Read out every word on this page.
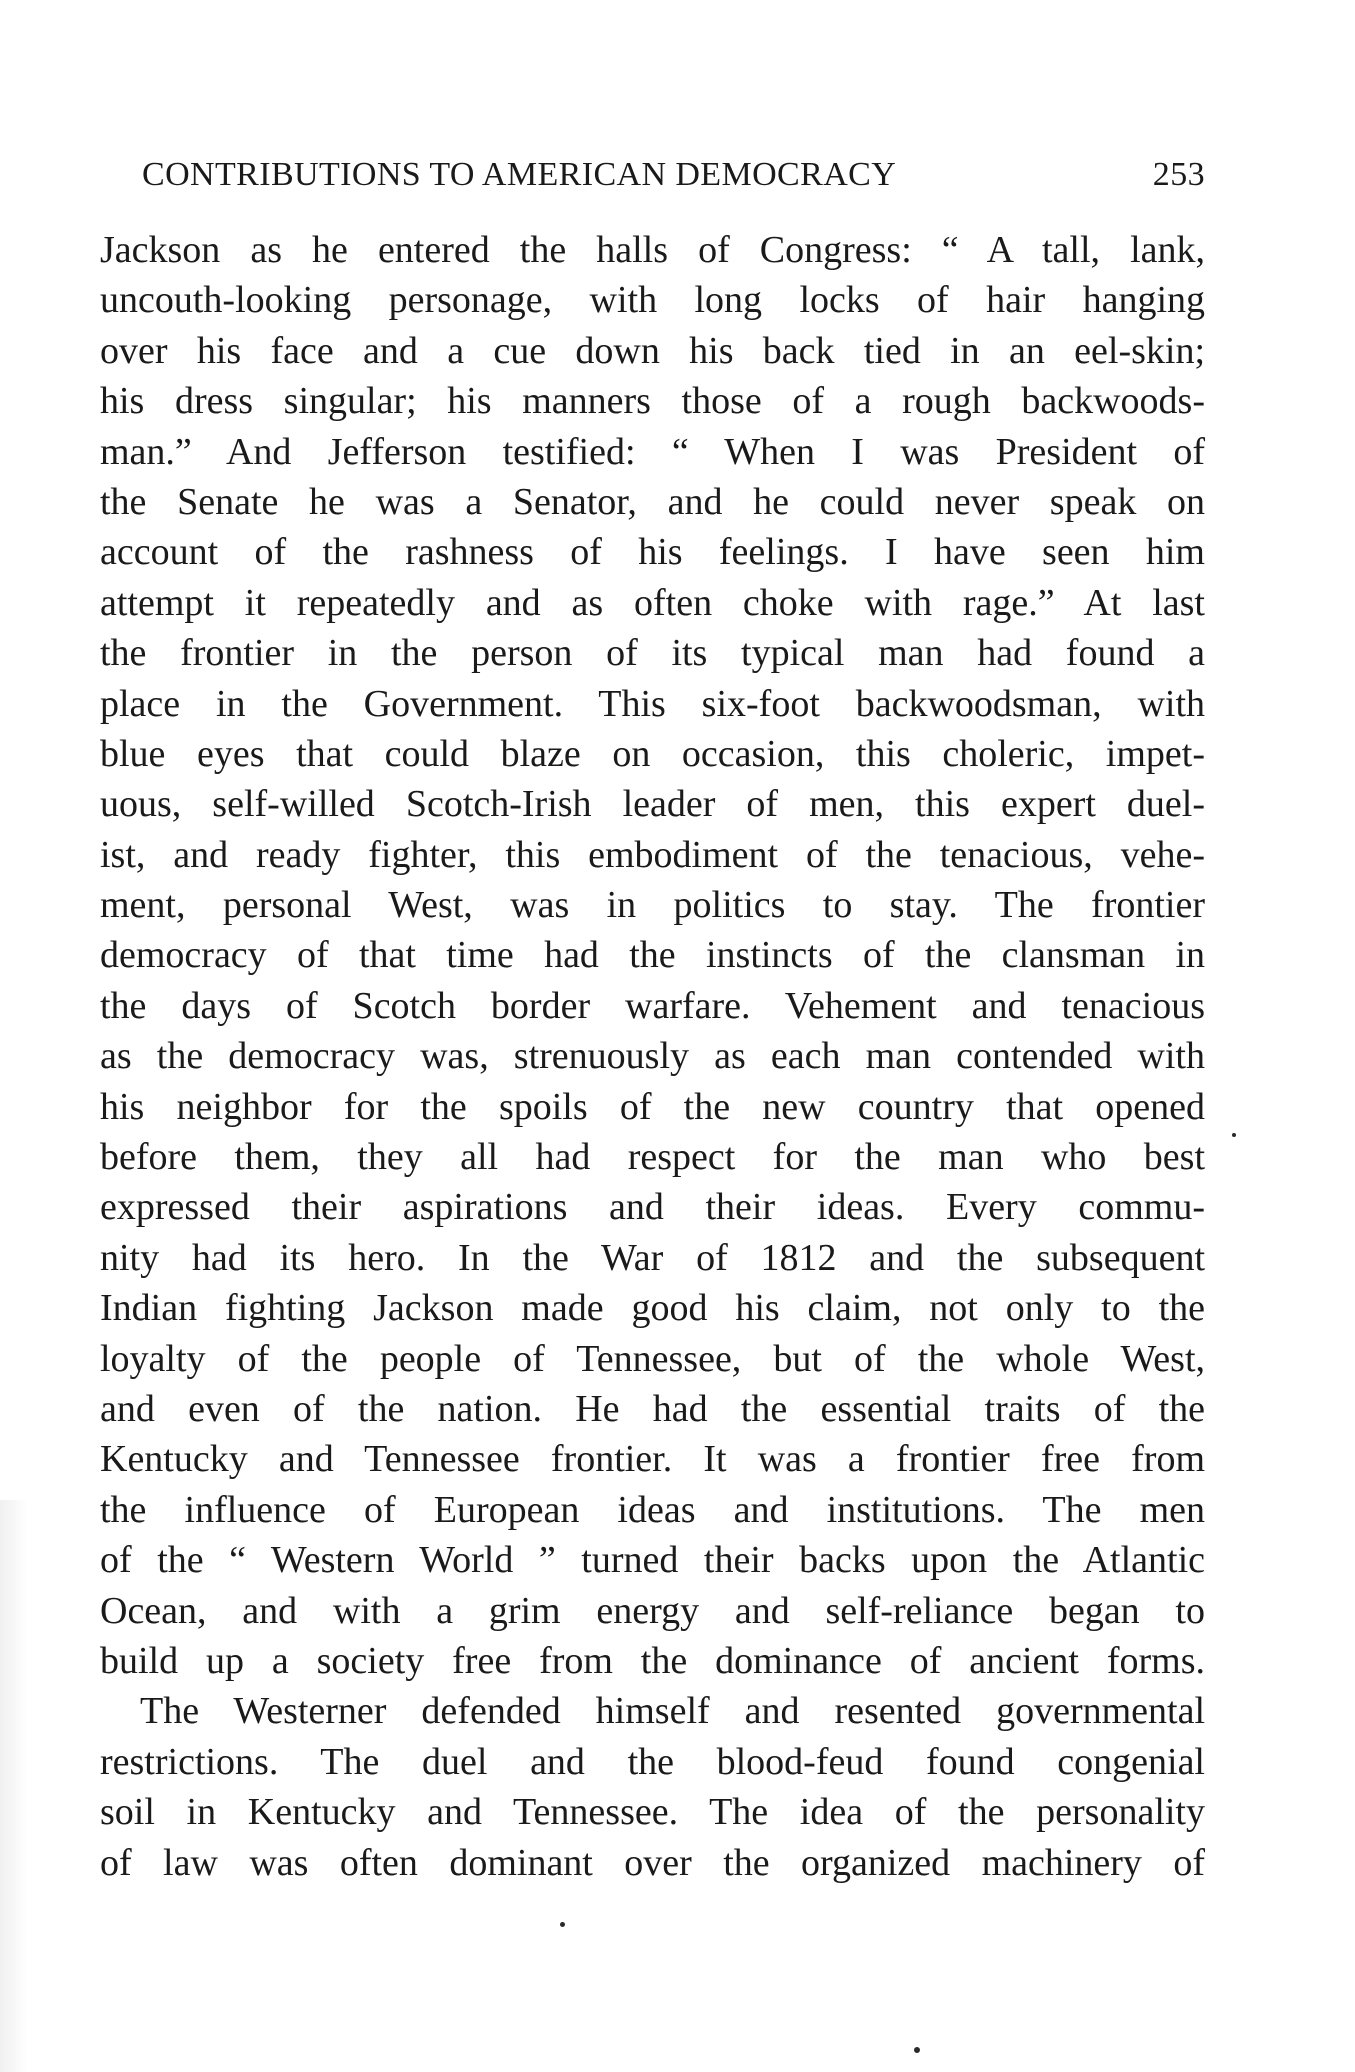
CONTRIBUTIONS TO AMERICAN DEMOCRACY	253
Jackson as he entered the halls of Congress: “ A tall, lank,
uncouth-looking personage, with long locks of hair hanging
over his face and a cue down his back tied in an eel-skin;
his dress singular; his manners those of a rough backwoods-
man.” And Jefferson testified: “ When I was President of
the Senate he was a Senator, and he could never speak on
account of the rashness of his feelings. I have seen him
attempt it repeatedly and as often choke with rage.” At last
the frontier in the person of its typical man had found a
place in the Government. This six-foot backwoodsman, with
blue eyes that could blaze on occasion, this choleric, impet-
uous, self-willed Scotch-Irish leader of men, this expert duel-
ist, and ready fighter, this embodiment of the tenacious, vehe-
ment, personal West, was in politics to stay. The frontier
democracy of that time had the instincts of the clansman in
the days of Scotch border warfare. Vehement and tenacious
as the democracy was, strenuously as each man contended with
his neighbor for the spoils of the new country that opened
before them, they all had respect for the man who best
expressed their aspirations and their ideas. Every commu-
nity had its hero. In the War of 1812 and the subsequent
Indian fighting Jackson made good his claim, not only to the
loyalty of the people of Tennessee, but of the whole West,
and even of the nation. He had the essential traits of the
Kentucky and Tennessee frontier. It was a frontier free from
the influence of European ideas and institutions. The men
of the “ Western World ” turned their backs upon the Atlantic
Ocean, and with a grim energy and self-reliance began to
build up a society free from the dominance of ancient forms.
The Westerner defended himself and resented governmental
restrictions. The duel and the blood-feud found congenial
soil in Kentucky and Tennessee. The idea of the personality
of law was often dominant over the organized machinery of
